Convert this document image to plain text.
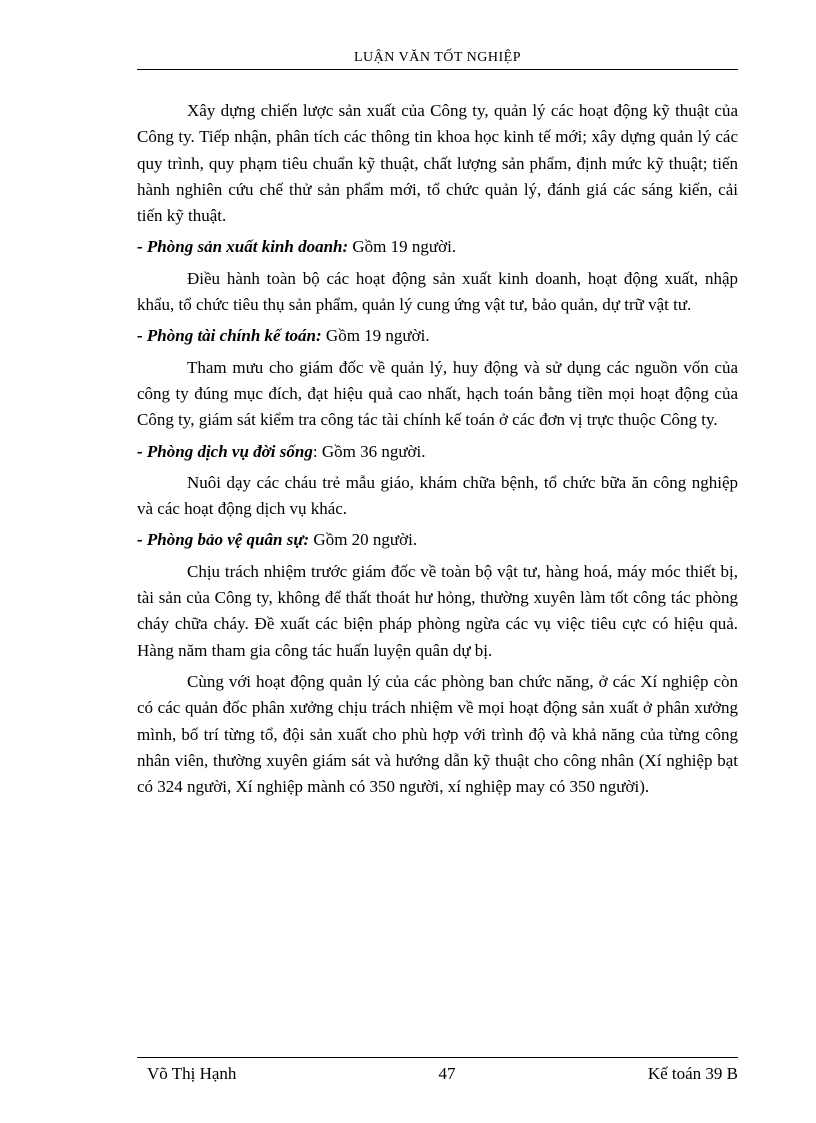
LUẬN VĂN TỐT NGHIỆP

Xây dựng chiến lược sản xuất của Công ty, quản lý các hoạt động kỹ thuật của Công ty. Tiếp nhận, phân tích các thông tin khoa học kinh tế mới; xây dựng quản lý các quy trình, quy phạm tiêu chuẩn kỹ thuật, chất lượng sản phẩm, định mức kỹ thuật; tiến hành nghiên cứu chế thử sản phẩm mới, tổ chức quản lý, đánh giá các sáng kiến, cải tiến kỹ thuật.

- Phòng sản xuất kinh doanh: Gồm 19 người.

Điều hành toàn bộ các hoạt động sản xuất kinh doanh, hoạt động xuất, nhập khẩu, tổ chức tiêu thụ sản phẩm, quản lý cung ứng vật tư, bảo quản, dự trữ vật tư.

- Phòng tài chính kế toán: Gồm 19 người.

Tham mưu cho giám đốc về quản lý, huy động và sử dụng các nguồn vốn của công ty đúng mục đích, đạt hiệu quả cao nhất, hạch toán bằng tiền mọi hoạt động của Công ty, giám sát kiểm tra công tác tài chính kế toán ở các đơn vị trực thuộc Công ty.

- Phòng dịch vụ đời sống: Gồm 36 người.

Nuôi dạy các cháu trẻ mẫu giáo, khám chữa bệnh, tổ chức bữa ăn công nghiệp và các hoạt động dịch vụ khác.

- Phòng bảo vệ quân sự: Gồm 20 người.

Chịu trách nhiệm trước giám đốc về toàn bộ vật tư, hàng hoá, máy móc thiết bị, tài sản của Công ty, không để thất thoát hư hỏng, thường xuyên làm tốt công tác phòng cháy chữa cháy. Đề xuất các biện pháp phòng ngừa các vụ việc tiêu cực có hiệu quả. Hàng năm tham gia công tác huấn luyện quân dự bị.

Cùng với hoạt động quản lý của các phòng ban chức năng, ở các Xí nghiệp còn có các quản đốc phân xưởng chịu trách nhiệm về mọi hoạt động sản xuất ở phân xưởng mình, bố trí từng tổ, đội sản xuất cho phù hợp với trình độ và khả năng của từng công nhân viên, thường xuyên giám sát và hướng dẫn kỹ thuật cho công nhân (Xí nghiệp bạt có 324 người, Xí nghiệp mành có 350 người, xí nghiệp may có 350 người).

Võ Thị Hạnh	47	Kế toán 39 B
